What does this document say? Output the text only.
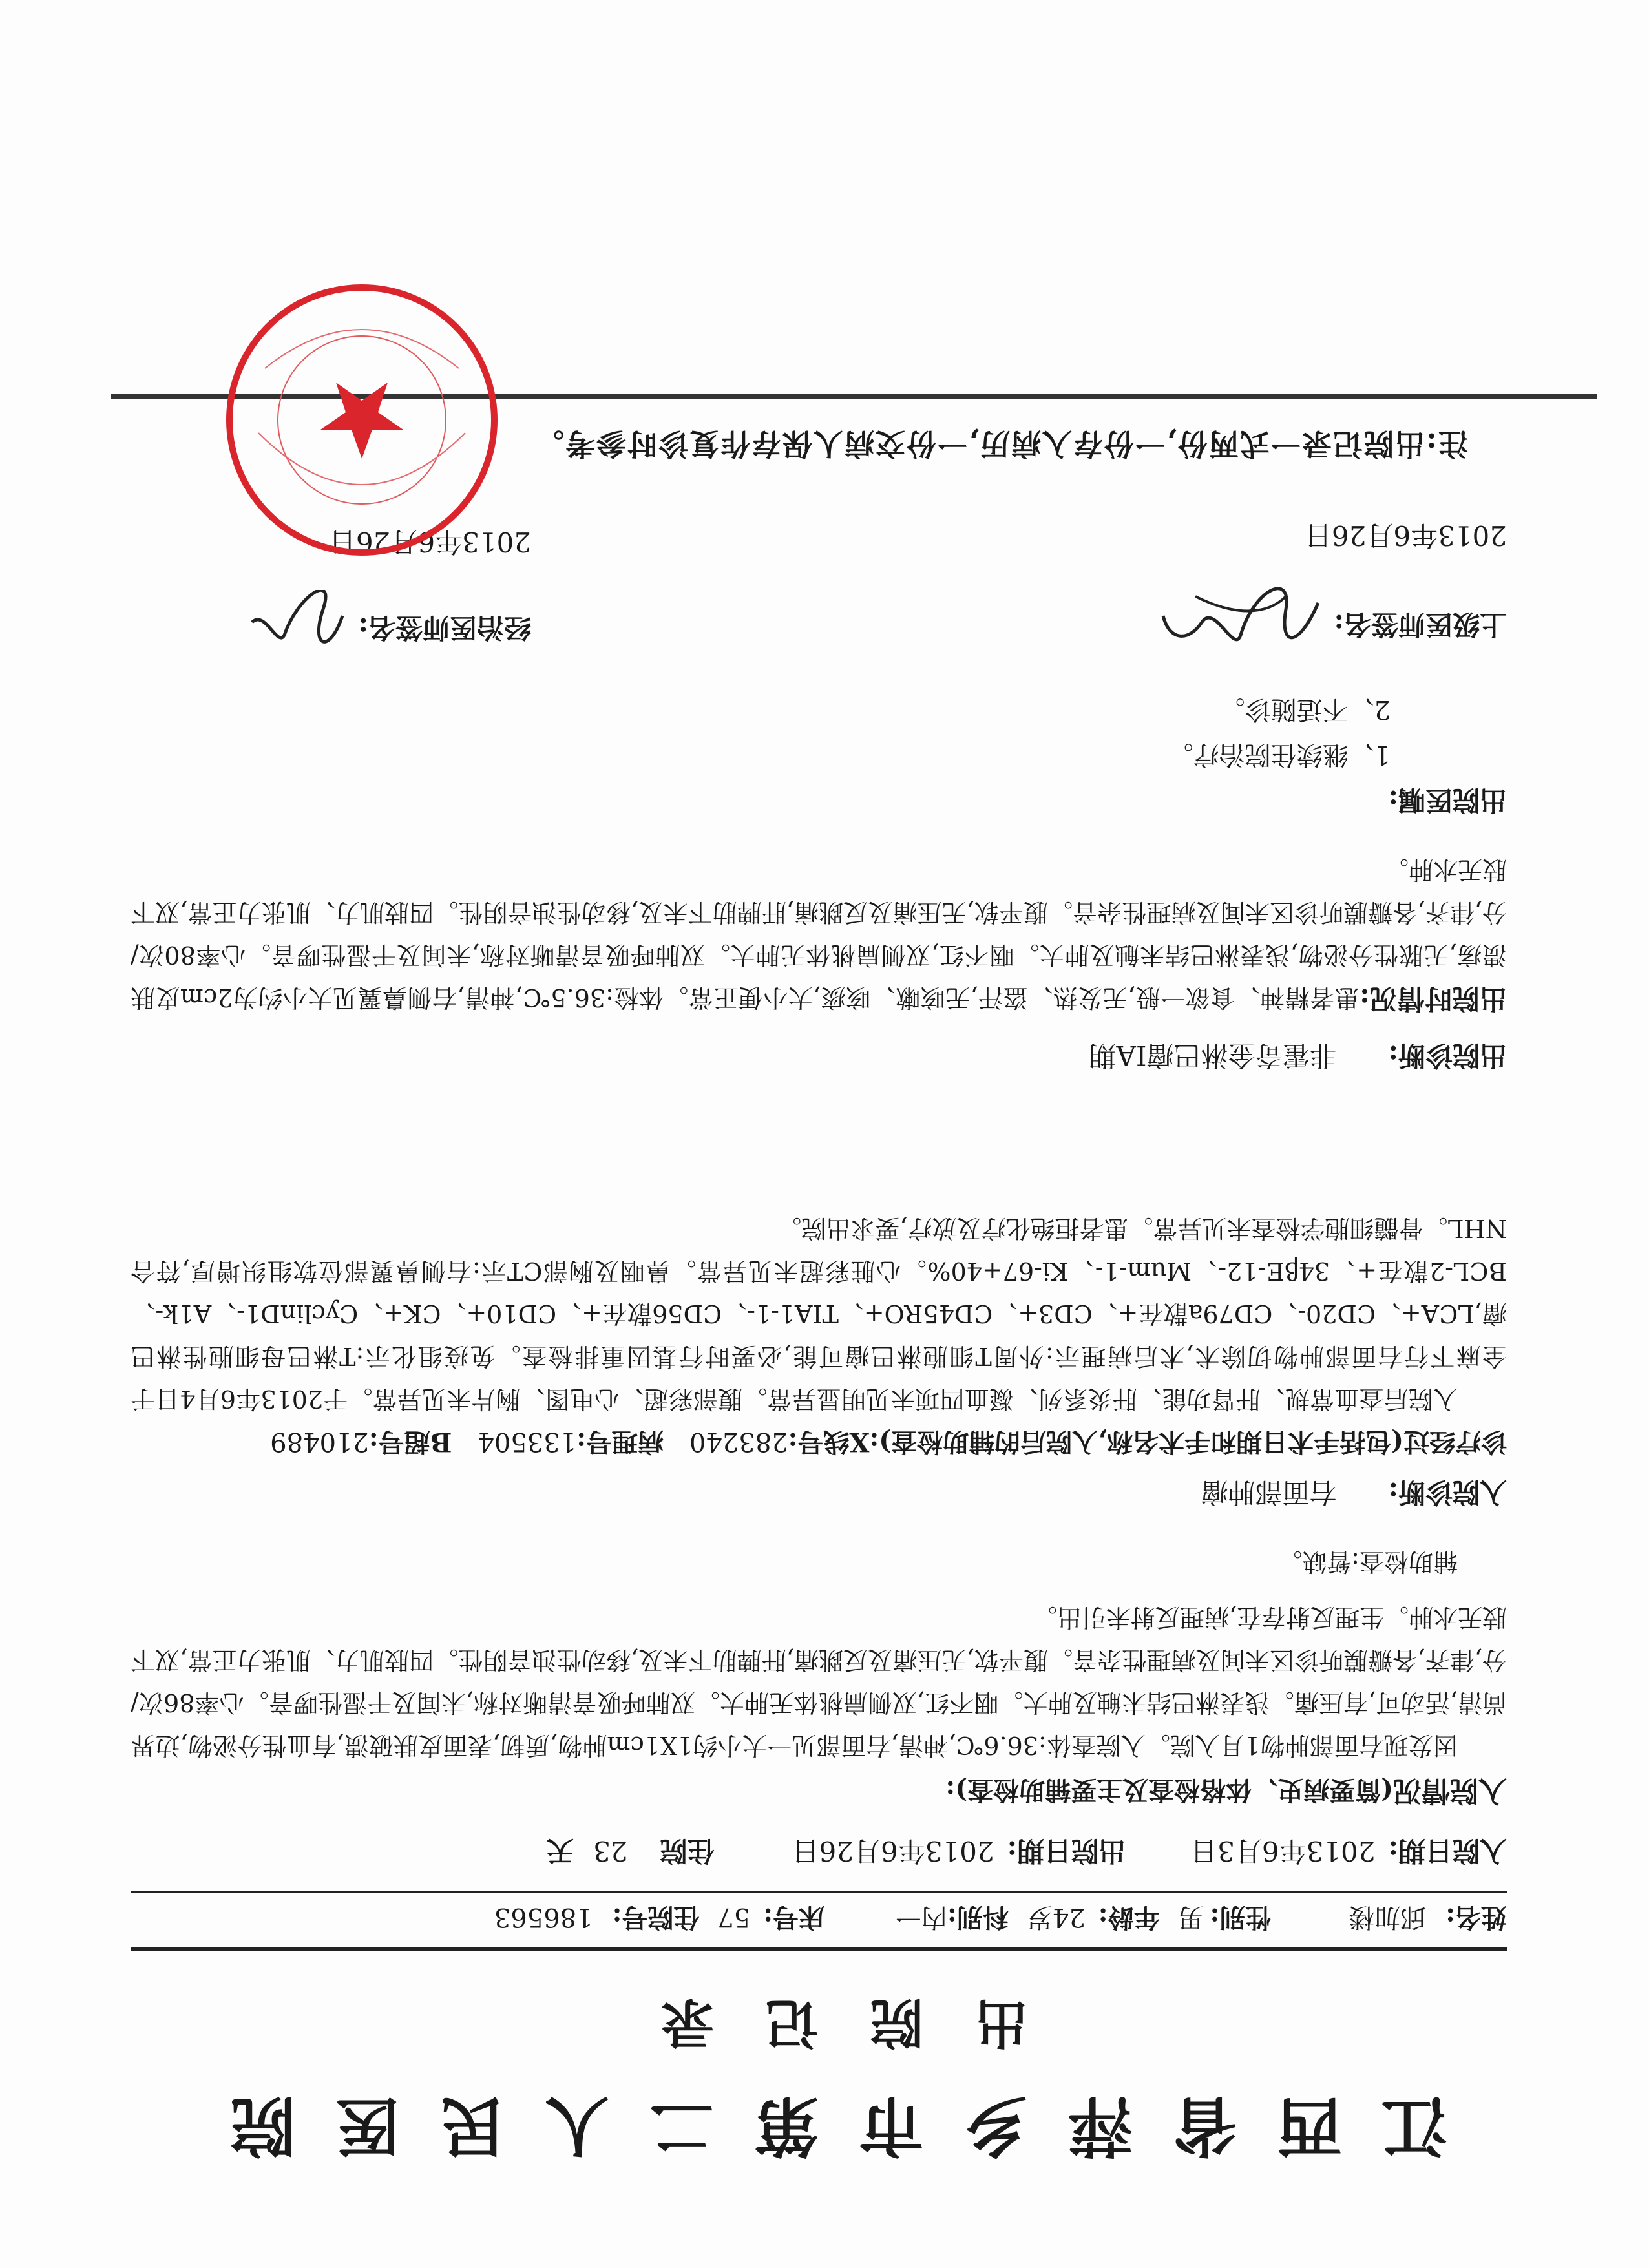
江西省萍乡市第二人民医院
出院记录
姓名:
邱加楼
性别:
男
年龄:
24岁
科别:
内一
床号:
57
住院号:
186563
入院日期:
2013年6月3日
出院日期:
2013年6月26日
住院
23
天
入院情况(简要病史、体格检查及主要辅助检查):
因发现右面部肿物1月入院。入院查体:36.6℃,神清,右面部见一大小约1X1cm肿物,质韧,表面皮肤破溃,有血性分泌物,边界尚清,活动可,有压痛。浅表淋巴结未触及肿大。咽不红,双侧扁桃体无肿大。双肺呼吸音清晰对称,未闻及干湿性啰音。心率86次/分,律齐,各瓣膜听诊区未闻及病理性杂音。腹平软,无压痛及反跳痛,肝脾肋下未及,移动性浊音阴性。四肢肌力、肌张力正常,双下肢无水肿。生理反射存在,病理反射未引出。
辅助检查:暂缺。
入院诊断:
右面部肿瘤
诊疗经过(包括手术日期和手术名称,入院后的辅助检查):
X线号:
283240
病理号:
133504
B超号:
210489
入院后查血常规、肝肾功能、肝炎系列、凝血四项未见明显异常。腹部彩超、心电图、胸片未见异常。于2013年6月4日于全麻下行右面部肿物切除术,术后病理示:外周T细胞淋巴瘤可能,必要时行基因重排检查。免疫组化示:T淋巴母细胞性淋巴瘤,LCA+、CD20-、CD79a散在+、CD3+、CD45RO+、TIA1-1-、CD56散在+、CD10+、CK+、CyclinD1-、A1k-、BCL-2散在+、34βE-12-、Mum-1-、Ki-67+40%。心脏彩超未见异常。鼻咽及胸部CT示:右侧鼻翼部位软组织增厚,符合NHL。骨髓细胞学检查未见异常。患者拒绝化疗及放疗,要求出院。
出院诊断:
非霍奇金淋巴瘤IA期
出院时情况:患者精神、食欲一般,无发热、盗汗,无咳嗽、咳痰,大小便正常。体检:36.5℃,神清,右侧鼻翼见大小约为2cm皮肤溃疡,无脓性分泌物,浅表淋巴结未触及肿大。咽不红,双侧扁桃体无肿大。双肺呼吸音清晰对称,未闻及干湿性啰音。心率80次/分,律齐,各瓣膜听诊区未闻及病理性杂音。腹平软,无压痛及反跳痛,肝脾肋下未及,移动性浊音阴性。四肢肌力、肌张力正常,双下肢无水肿。
出院医嘱:
1、继续住院治疗。
2、不适随诊。
上级医师签名:
2013年6月26日
经治医师签名:
2013年6月26日
注:出院记录一式两份,一份存入病历,一份交病人保存作复诊时参考。
